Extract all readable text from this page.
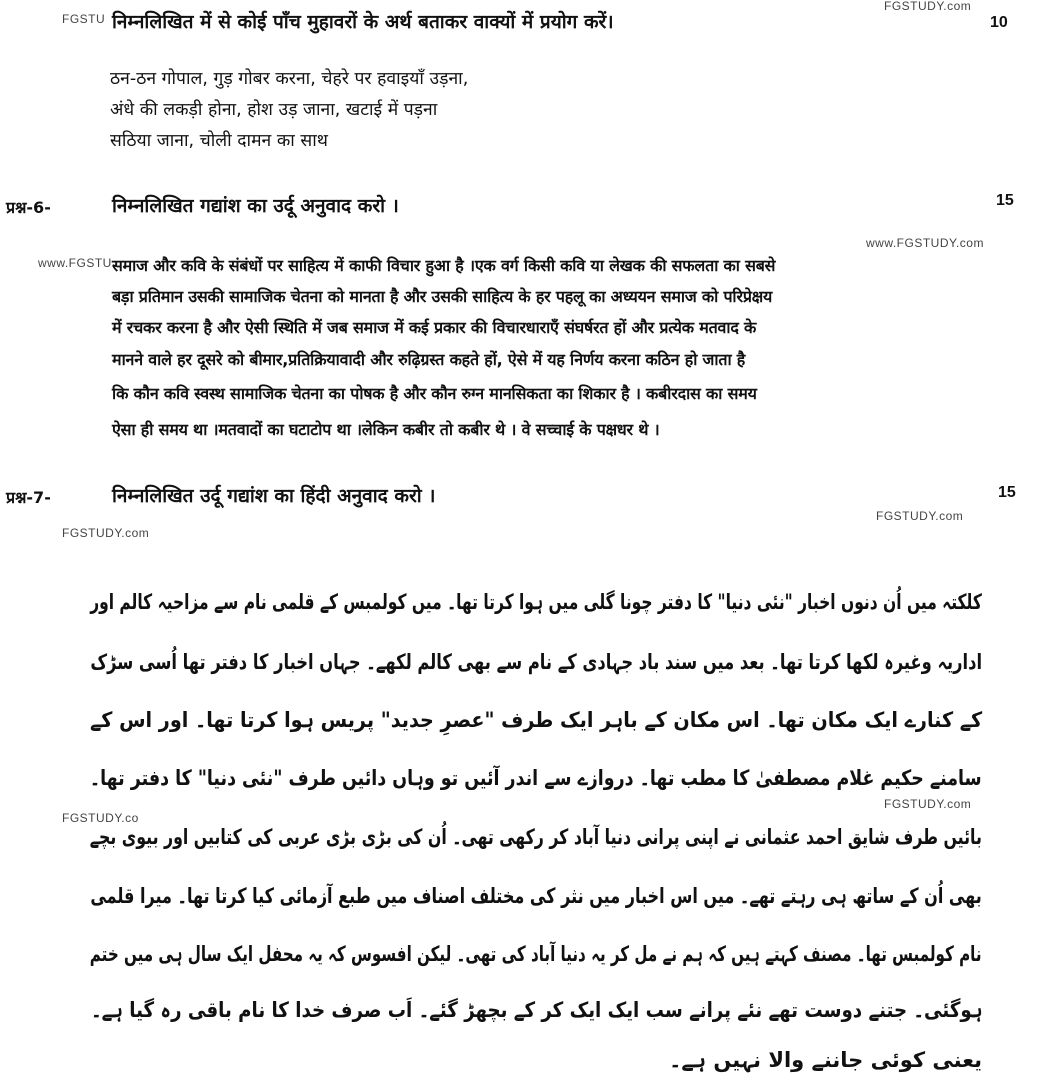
FGSTU
FGSTUDY.com
www.FGSTU
www.FGSTUDY.com
FGSTUDY.com
FGSTUDY.com
FGSTUDY.co
FGSTUDY.com
निम्नलिखित में से कोई पाँच मुहावरों के अर्थ बताकर वाक्यों में प्रयोग करें।	10
ठन-ठन गोपाल, गुड़ गोबर करना, चेहरे पर हवाइयाँ उड़ना,
अंधे की लकड़ी होना, होश उड़ जाना, खटाई में पड़ना
सठिया जाना, चोली दामन का साथ
प्रश्न-6-	निम्नलिखित गद्यांश का उर्दू अनुवाद करो ।	15
समाज और कवि के संबंधों पर साहित्य में काफी विचार हुआ है ।एक वर्ग किसी कवि या लेखक की सफलता का सबसे
बड़ा प्रतिमान उसकी सामाजिक चेतना को मानता है और उसकी साहित्य के हर पहलू का अध्ययन समाज को परिप्रेक्षय
में रचकर करना है और ऐसी स्थिति में जब समाज में कई प्रकार की विचारधाराएँ संघर्षरत हों और प्रत्येक मतवाद के
मानने वाले हर दूसरे को बीमार,प्रतिक्रियावादी और रुढ़िग्रस्त कहते हों, ऐसे में यह निर्णय करना कठिन हो जाता है
कि कौन कवि स्वस्थ सामाजिक चेतना का पोषक है और कौन रुग्न मानसिकता का शिकार है । कबीरदास का समय
ऐसा ही समय था ।मतवादों का घटाटोप था ।लेकिन कबीर तो कबीर थे । वे सच्चाई के पक्षधर थे ।
प्रश्न-7-	निम्नलिखित उर्दू गद्यांश का हिंदी अनुवाद करो ।	15
کلکتہ میں اُن دنوں اخبار "نئی دنیا" کا دفتر چونا گلی میں ہوا کرتا تھا۔ میں کولمبس کے قلمی نام سے مزاحیہ کالم اور
اداریہ وغیرہ لکھا کرتا تھا۔ بعد میں سند باد جہادی کے نام سے بھی کالم لکھے۔ جہاں اخبار کا دفتر تھا اُسی سڑک
کے کنارے ایک مکان تھا۔ اس مکان کے باہر ایک طرف "عصرِ جدید" پریس ہوا کرتا تھا۔ اور اس کے
سامنے حکیم غلام مصطفیٰ کا مطب تھا۔ دروازے سے اندر آئیں تو وہاں دائیں طرف "نئی دنیا" کا دفتر تھا۔
بائیں طرف شایق احمد عثمانی نے اپنی پرانی دنیا آباد کر رکھی تھی۔ اُن کی بڑی بڑی عربی کی کتابیں اور بیوی بچے
بھی اُن کے ساتھ ہی رہتے تھے۔ میں اس اخبار میں نثر کی مختلف اصناف میں طبع آزمائی کیا کرتا تھا۔ میرا قلمی
نام کولمبس تھا۔ مصنف کہتے ہیں کہ ہم نے مل کر یہ دنیا آباد کی تھی۔ لیکن افسوس کہ یہ محفل ایک سال ہی میں ختم
ہوگئی۔ جتنے دوست تھے نئے پرانے سب ایک ایک کر کے بچھڑ گئے۔ اَب صرف خدا کا نام باقی رہ گیا ہے۔
یعنی کوئی جاننے والا نہیں ہے۔
